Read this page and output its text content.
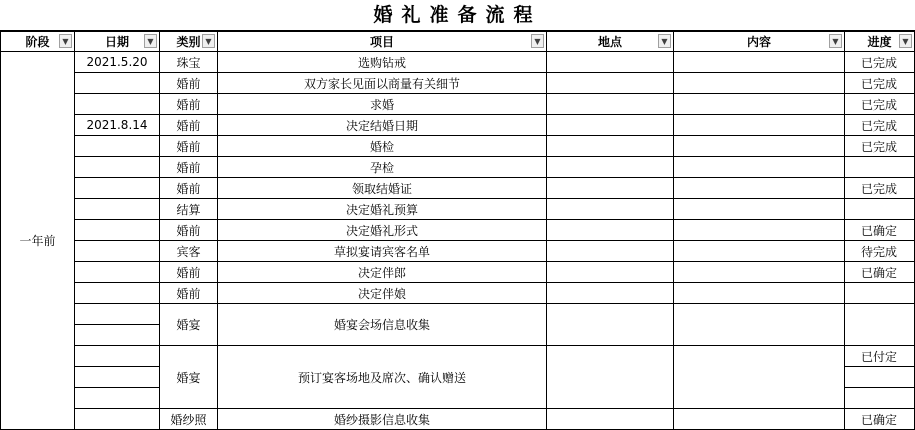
婚礼准备流程
阶段 ▼	日期 ▼	类别 ▼	项目 ▼	地点 ▼	内容 ▼	进度 ▼

一年前	2021.5.20	珠宝	选购钻戒			已完成
		婚前	双方家长见面以商量有关细节			已完成
		婚前	求婚			已完成
	2021.8.14	婚前	决定结婚日期			已完成
		婚前	婚检			已完成
		婚前	孕检			
		婚前	领取结婚证			已完成
		结算	决定婚礼预算			
		婚前	决定婚礼形式			已确定
		宾客	草拟宴请宾客名单			待完成
		婚前	决定伴郎			已确定
		婚前	决定伴娘			
		婚宴	婚宴会场信息收集			

		婚宴	预订宴客场地及席次、确认赠送			已付定

		婚纱照	婚纱摄影信息收集			已确定
